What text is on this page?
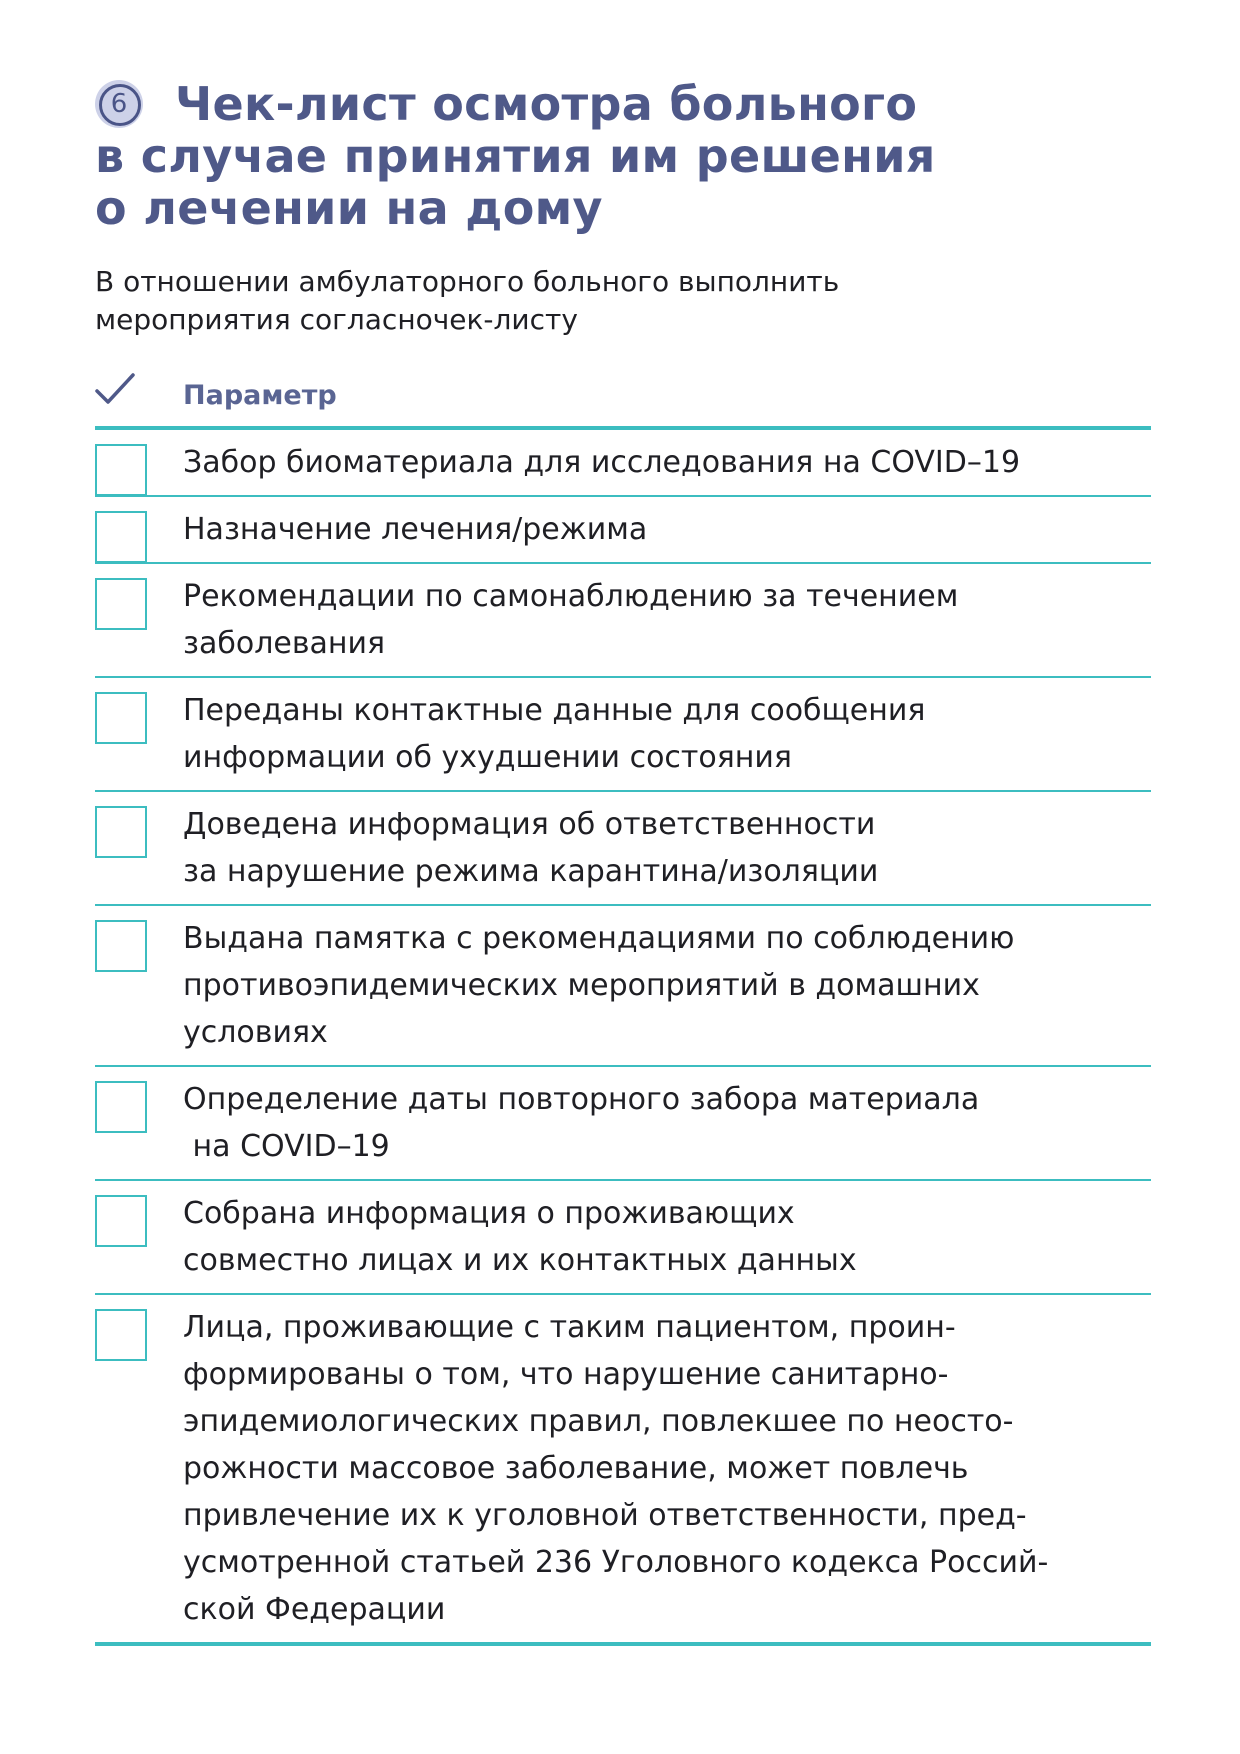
6	Чек-лист осмотра больного
в случае принятия им решения
о лечении на дому
В отношении амбулаторного больного выполнить
мероприятия согласночек-листу
Параметр
Забор биоматериала для исследования на COVID–19
Назначение лечения/режима
Рекомендации по самонаблюдению за течением
заболевания
Переданы контактные данные для сообщения
информации об ухудшении состояния
Доведена информация об ответственности
за нарушение режима карантина/изоляции
Выдана памятка с рекомендациями по соблюдению
противоэпидемических мероприятий в домашних
условиях
Определение даты повторного забора материала
на COVID–19
Собрана информация о проживающих
совместно лицах и их контактных данных
Лица, проживающие с таким пациентом, проин-
формированы о том, что нарушение санитарно-
эпидемиологических правил, повлекшее по неосто-
рожности массовое заболевание, может повлечь
привлечение их к уголовной ответственности, пред-
усмотренной статьей 236 Уголовного кодекса Россий-
ской Федерации
